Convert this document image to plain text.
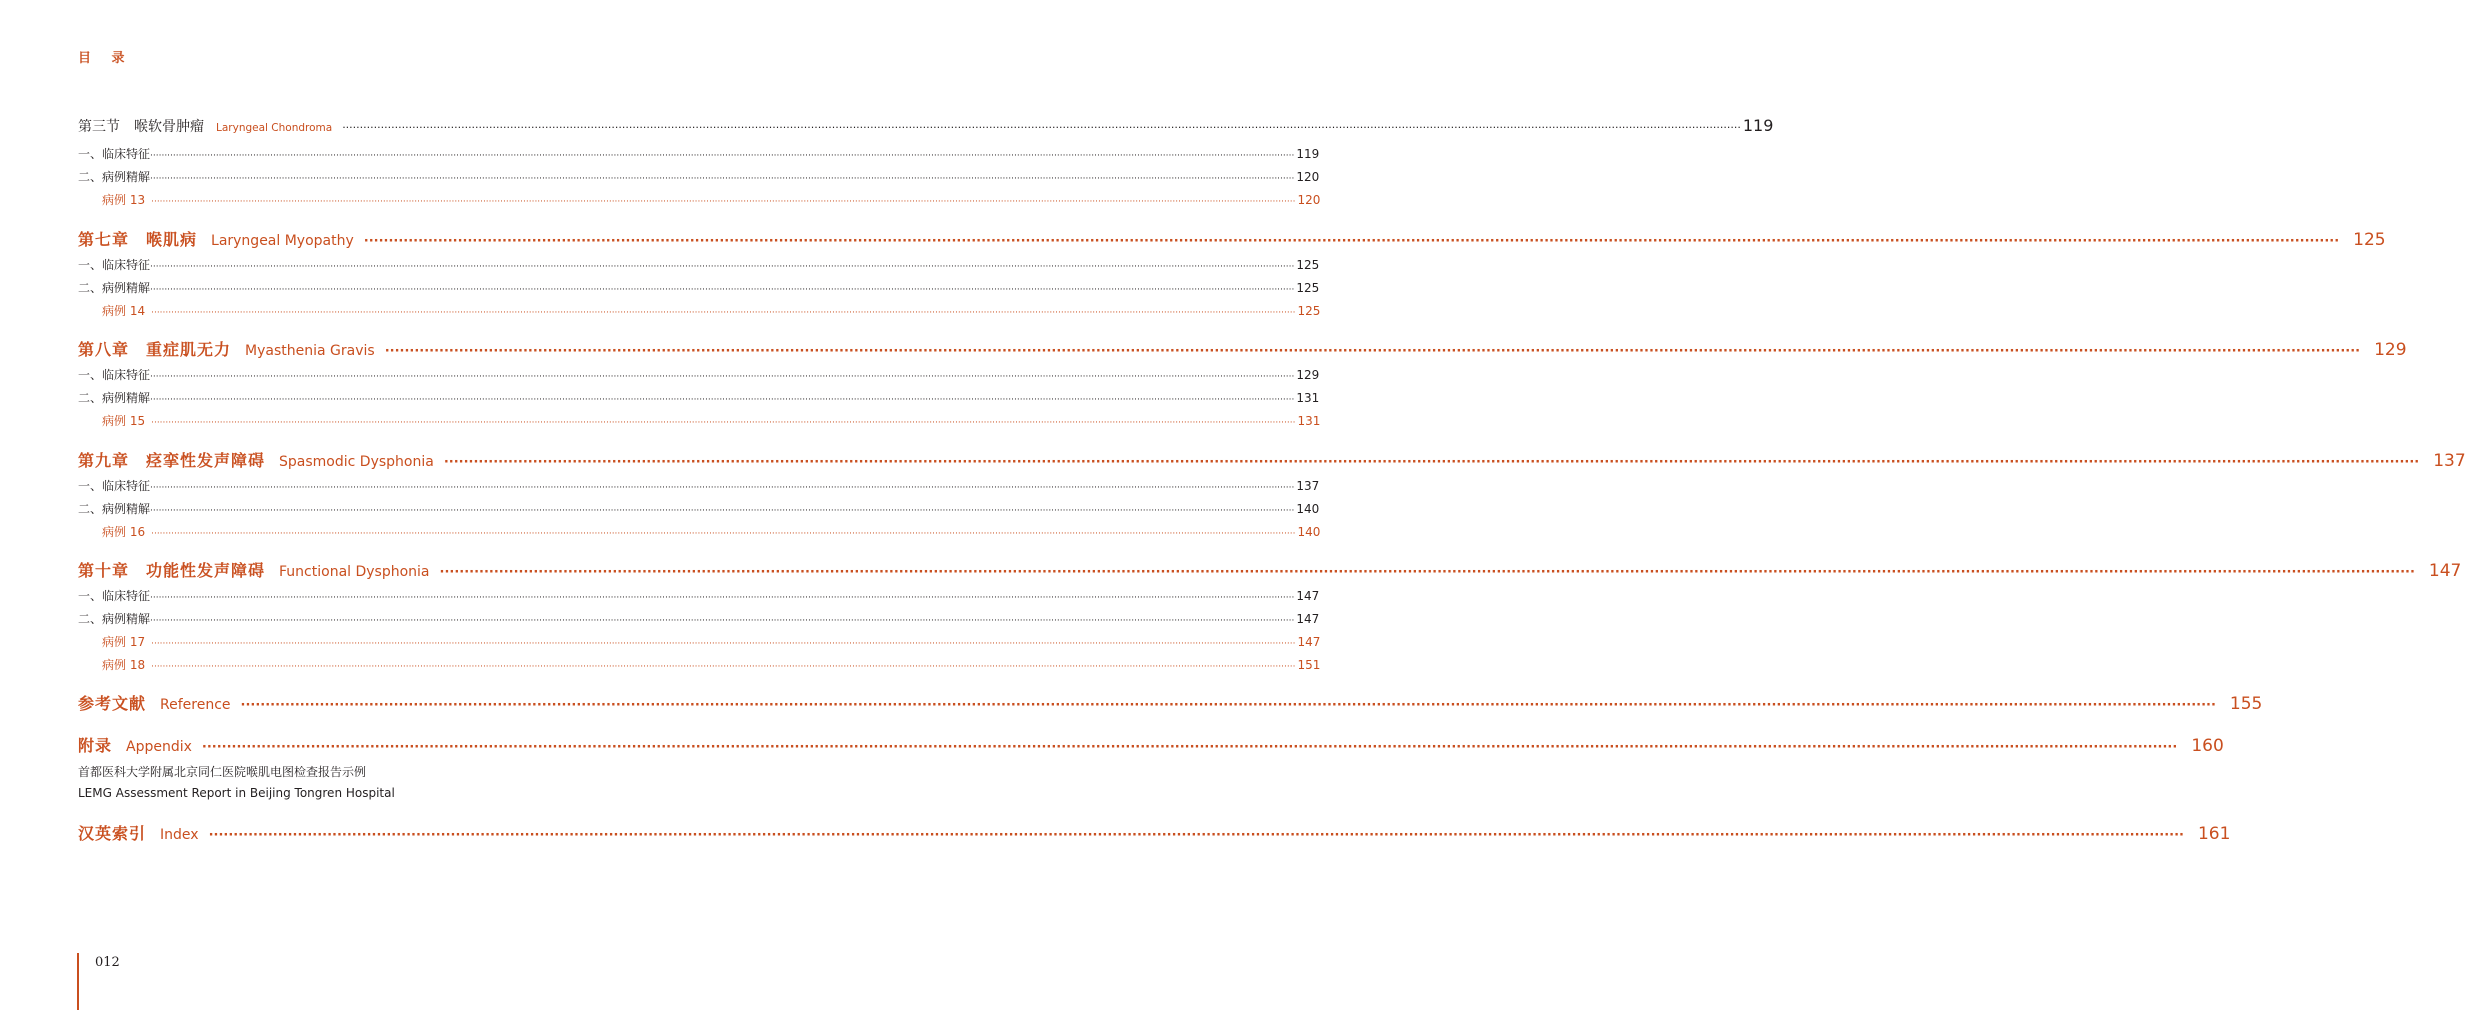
目 录
第三节　喉软骨肿瘤 Laryngeal Chondroma ················································································································································································································································································································································································································ 119
一、临床特征 ················································································································································································································································································································································································································ 119
二、病例精解 ················································································································································································································································································································································································································ 120
病例 13 ················································································································································································································································································································································································································ 120
第七章　喉肌病 Laryngeal Myopathy ················································································································································································································································································································································································································ 125
一、临床特征 ················································································································································································································································································································································································································ 125
二、病例精解 ················································································································································································································································································································································································································ 125
病例 14 ················································································································································································································································································································································································································ 125
第八章　重症肌无力 Myasthenia Gravis ················································································································································································································································································································································································································ 129
一、临床特征 ················································································································································································································································································································································································································ 129
二、病例精解 ················································································································································································································································································································································································································ 131
病例 15 ················································································································································································································································································································································································································ 131
第九章　痉挛性发声障碍 Spasmodic Dysphonia ················································································································································································································································································································································································································ 137
一、临床特征 ················································································································································································································································································································································································································ 137
二、病例精解 ················································································································································································································································································································································································································ 140
病例 16 ················································································································································································································································································································································································································ 140
第十章　功能性发声障碍 Functional Dysphonia ················································································································································································································································································································································································································ 147
一、临床特征 ················································································································································································································································································································································································································ 147
二、病例精解 ················································································································································································································································································································································································································ 147
病例 17 ················································································································································································································································································································································································································ 147
病例 18 ················································································································································································································································································································································································································ 151
参考文献 Reference ················································································································································································································································································································································································································ 155
附录 Appendix ················································································································································································································································································································································································································ 160
首都医科大学附属北京同仁医院喉肌电图检查报告示例
LEMG Assessment Report in Beijing Tongren Hospital
汉英索引 Index ················································································································································································································································································································································································································ 161
012
